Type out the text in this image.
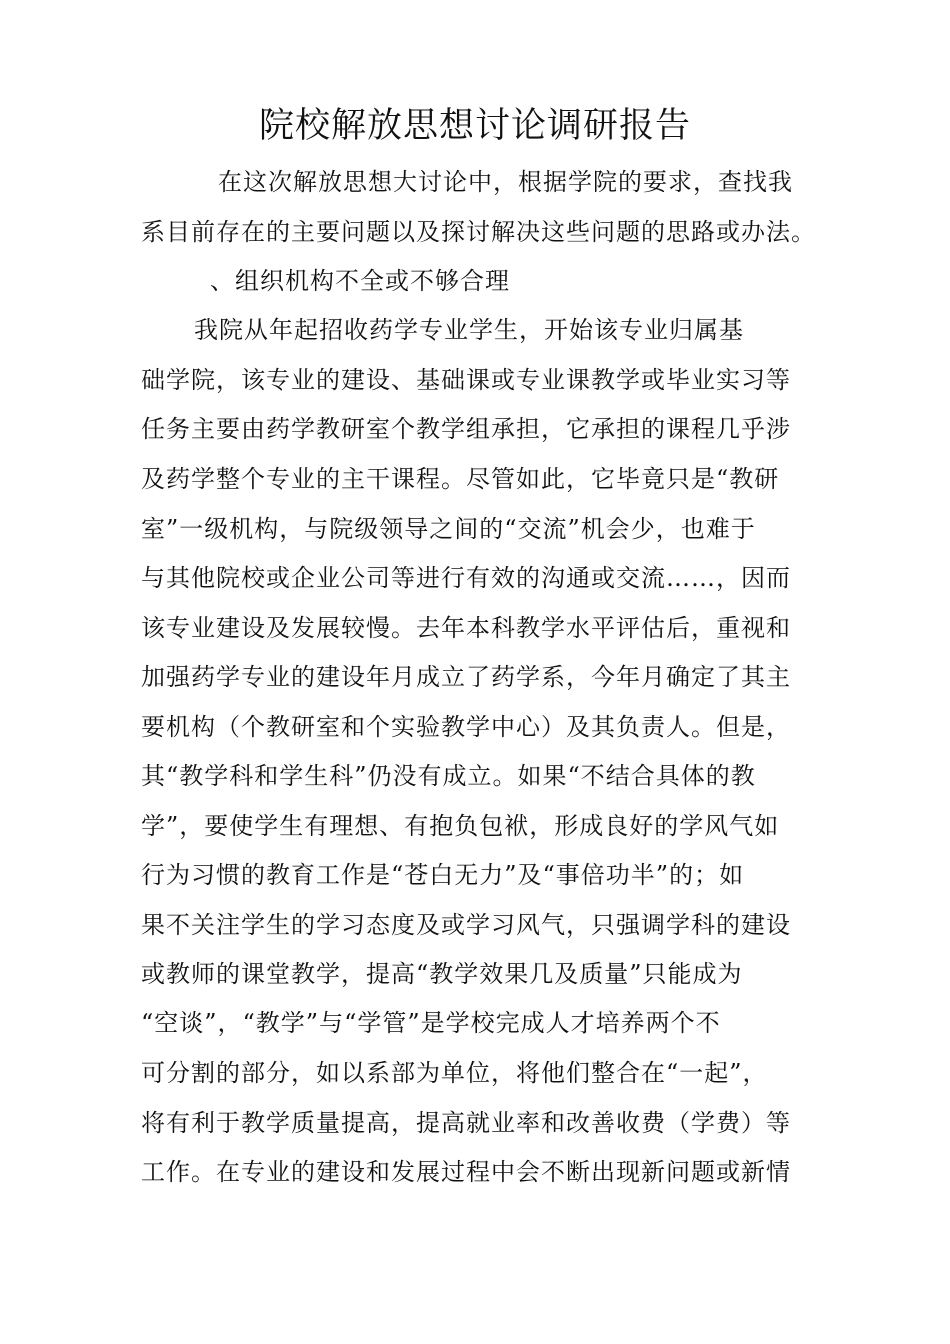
院校解放思想讨论调研报告
在这次解放思想大讨论中，根据学院的要求，查找我
系目前存在的主要问题以及探讨解决这些问题的思路或办法。
、组织机构不全或不够合理
我院从年起招收药学专业学生，开始该专业归属基
础学院，该专业的建设、基础课或专业课教学或毕业实习等
任务主要由药学教研室个教学组承担，它承担的课程几乎涉
及药学整个专业的主干课程。尽管如此，它毕竟只是“教研
室”一级机构，与院级领导之间的“交流”机会少，也难于
与其他院校或企业公司等进行有效的沟通或交流……，因而
该专业建设及发展较慢。去年本科教学水平评估后，重视和
加强药学专业的建设年月成立了药学系，今年月确定了其主
要机构（个教研室和个实验教学中心）及其负责人。但是，
其“教学科和学生科”仍没有成立。如果“不结合具体的教
学”，要使学生有理想、有抱负包袱，形成良好的学风气如
行为习惯的教育工作是“苍白无力”及“事倍功半”的；如
果不关注学生的学习态度及或学习风气，只强调学科的建设
或教师的课堂教学，提高“教学效果几及质量”只能成为
“空谈”，“教学”与“学管”是学校完成人才培养两个不
可分割的部分，如以系部为单位，将他们整合在“一起”，
将有利于教学质量提高，提高就业率和改善收费（学费）等
工作。在专业的建设和发展过程中会不断出现新问题或新情
